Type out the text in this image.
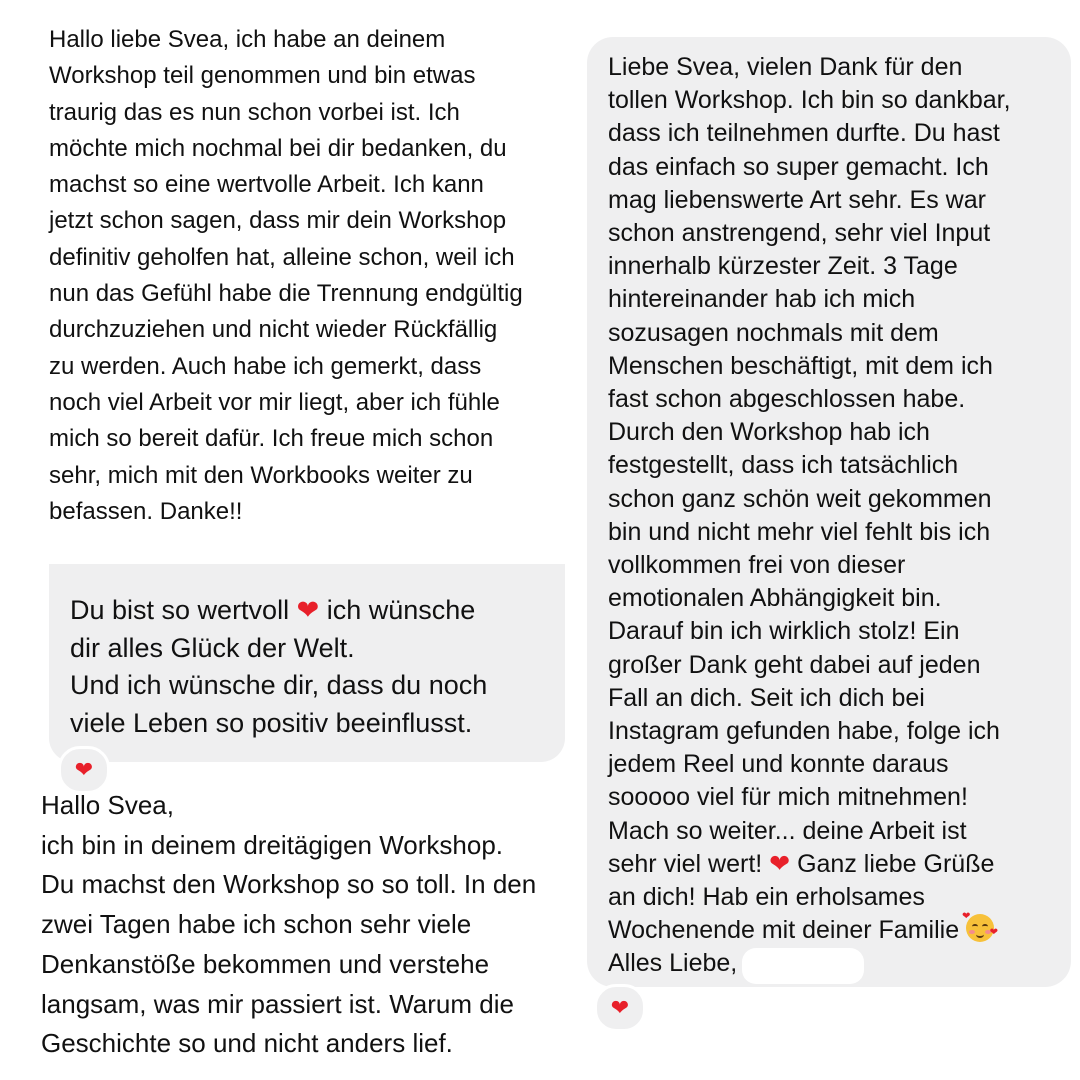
Hallo liebe Svea, ich habe an deinem
Workshop teil genommen und bin etwas
traurig das es nun schon vorbei ist. Ich
möchte mich nochmal bei dir bedanken, du
machst so eine wertvolle Arbeit. Ich kann
jetzt schon sagen, dass mir dein Workshop
definitiv geholfen hat, alleine schon, weil ich
nun das Gefühl habe die Trennung endgültig
durchzuziehen und nicht wieder Rückfällig
zu werden. Auch habe ich gemerkt, dass
noch viel Arbeit vor mir liegt, aber ich fühle
mich so bereit dafür. Ich freue mich schon
sehr, mich mit den Workbooks weiter zu
befassen. Danke!!
Du bist so wertvoll ❤ ich wünsche
dir alles Glück der Welt.
Und ich wünsche dir, dass du noch
viele Leben so positiv beeinflusst.
❤
Hallo Svea,
ich bin in deinem dreitägigen Workshop.
Du machst den Workshop so so toll. In den
zwei Tagen habe ich schon sehr viele
Denkanstöße bekommen und verstehe
langsam, was mir passiert ist. Warum die
Geschichte so und nicht anders lief.
Liebe Svea, vielen Dank für den
tollen Workshop. Ich bin so dankbar,
dass ich teilnehmen durfte. Du hast
das einfach so super gemacht. Ich
mag liebenswerte Art sehr. Es war
schon anstrengend, sehr viel Input
innerhalb kürzester Zeit. 3 Tage
hintereinander hab ich mich
sozusagen nochmals mit dem
Menschen beschäftigt, mit dem ich
fast schon abgeschlossen habe.
Durch den Workshop hab ich
festgestellt, dass ich tatsächlich
schon ganz schön weit gekommen
bin und nicht mehr viel fehlt bis ich
vollkommen frei von dieser
emotionalen Abhängigkeit bin.
Darauf bin ich wirklich stolz! Ein
großer Dank geht dabei auf jeden
Fall an dich. Seit ich dich bei
Instagram gefunden habe, folge ich
jedem Reel und konnte daraus
sooooo viel für mich mitnehmen!
Mach so weiter... deine Arbeit ist
sehr viel wert! ❤ Ganz liebe Grüße
an dich! Hab ein erholsames
Wochenende mit deiner Familie ❤
❤

Alles Liebe,
❤
